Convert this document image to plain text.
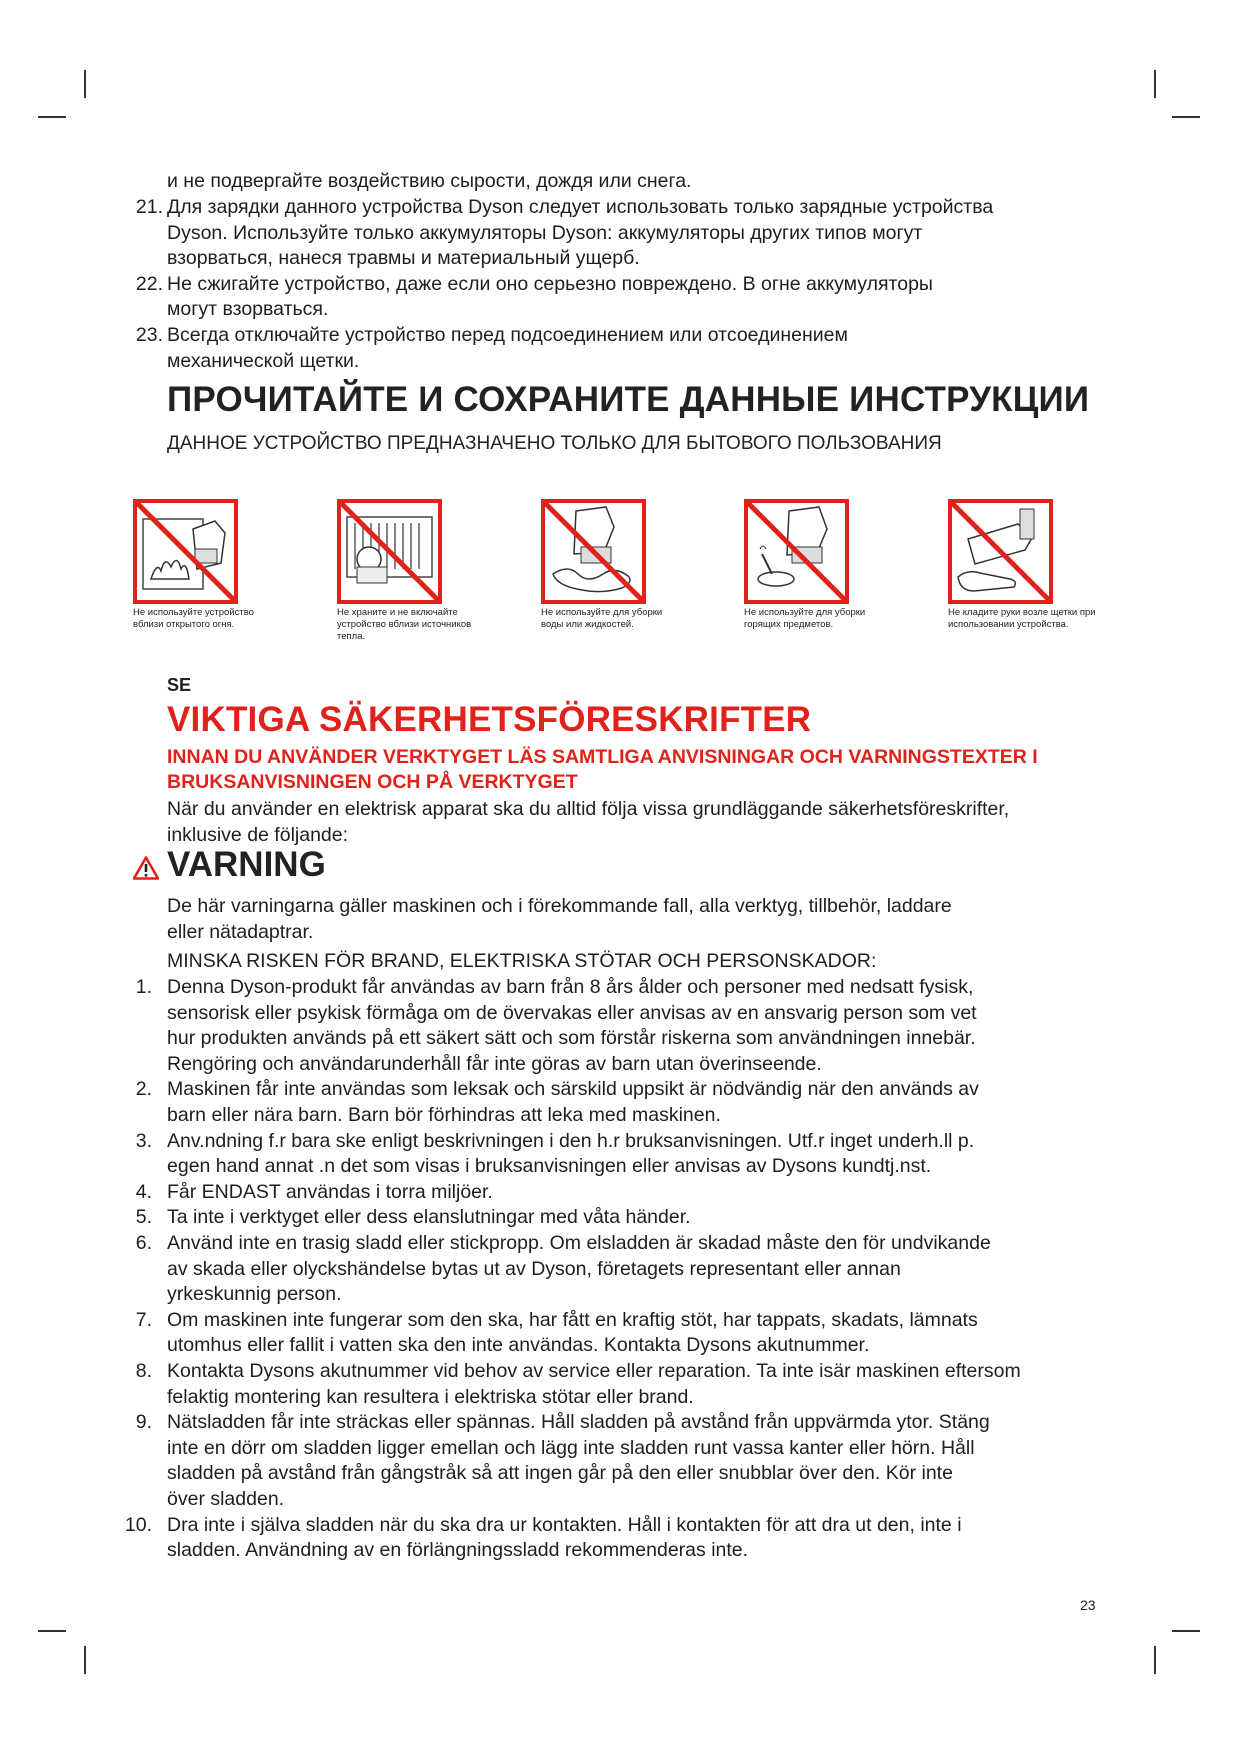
и не подвергайте воздействию сырости, дождя или снега.
21. Для зарядки данного устройства Dyson следует использовать только зарядные устройства
Dyson. Используйте только аккумуляторы Dyson: аккумуляторы других типов могут
взорваться, нанеся травмы и материальный ущерб.
22. Не сжигайте устройство, даже если оно серьезно повреждено. В огне аккумуляторы
могут взорваться.
23. Всегда отключайте устройство перед подсоединением или отсоединением
механической щетки.
ПРОЧИТАЙТЕ И СОХРАНИТЕ ДАННЫЕ ИНСТРУКЦИИ
ДАННОЕ УСТРОЙСТВО ПРЕДНАЗНАЧЕНО ТОЛЬКО ДЛЯ БЫТОВОГО ПОЛЬЗОВАНИЯ
Не используйте устройство вблизи открытого огня.
Не храните и не включайте устройство вблизи источников тепла.
Не используйте для уборки воды или жидкостей.
Не используйте для уборки горящих предметов.
Не кладите руки возле щетки при использовании устройства.
SE
VIKTIGA SÄKERHETSFÖRESKRIFTER
INNAN DU ANVÄNDER VERKTYGET LÄS SAMTLIGA ANVISNINGAR OCH VARNINGSTEXTER I
BRUKSANVISNINGEN OCH PÅ VERKTYGET
När du använder en elektrisk apparat ska du alltid följa vissa grundläggande säkerhetsföreskrifter,
inklusive de följande:
VARNING
De här varningarna gäller maskinen och i förekommande fall, alla verktyg, tillbehör, laddare
eller nätadaptrar.
MINSKA RISKEN FÖR BRAND, ELEKTRISKA STÖTAR OCH PERSONSKADOR:
1. Denna Dyson-produkt får användas av barn från 8 års ålder och personer med nedsatt fysisk,
sensorisk eller psykisk förmåga om de övervakas eller anvisas av en ansvarig person som vet
hur produkten används på ett säkert sätt och som förstår riskerna som användningen innebär.
Rengöring och användarunderhåll får inte göras av barn utan överinseende.
2. Maskinen får inte användas som leksak och särskild uppsikt är nödvändig när den används av
barn eller nära barn. Barn bör förhindras att leka med maskinen.
3. Anv.ndning f.r bara ske enligt beskrivningen i den h.r bruksanvisningen. Utf.r inget underh.ll p.
egen hand annat .n det som visas i bruksanvisningen eller anvisas av Dysons kundtj.nst.
4. Får ENDAST användas i torra miljöer.
5. Ta inte i verktyget eller dess elanslutningar med våta händer.
6. Använd inte en trasig sladd eller stickpropp. Om elsladden är skadad måste den för undvikande
av skada eller olyckshändelse bytas ut av Dyson, företagets representant eller annan
yrkeskunnig person.
7. Om maskinen inte fungerar som den ska, har fått en kraftig stöt, har tappats, skadats, lämnats
utomhus eller fallit i vatten ska den inte användas. Kontakta Dysons akutnummer.
8. Kontakta Dysons akutnummer vid behov av service eller reparation. Ta inte isär maskinen eftersom
felaktig montering kan resultera i elektriska stötar eller brand.
9. Nätsladden får inte sträckas eller spännas. Håll sladden på avstånd från uppvärmda ytor. Stäng
inte en dörr om sladden ligger emellan och lägg inte sladden runt vassa kanter eller hörn. Håll
sladden på avstånd från gångstråk så att ingen går på den eller snubblar över den. Kör inte
över sladden.
10. Dra inte i själva sladden när du ska dra ur kontakten. Håll i kontakten för att dra ut den, inte i
sladden. Användning av en förlängningssladd rekommenderas inte.
23
